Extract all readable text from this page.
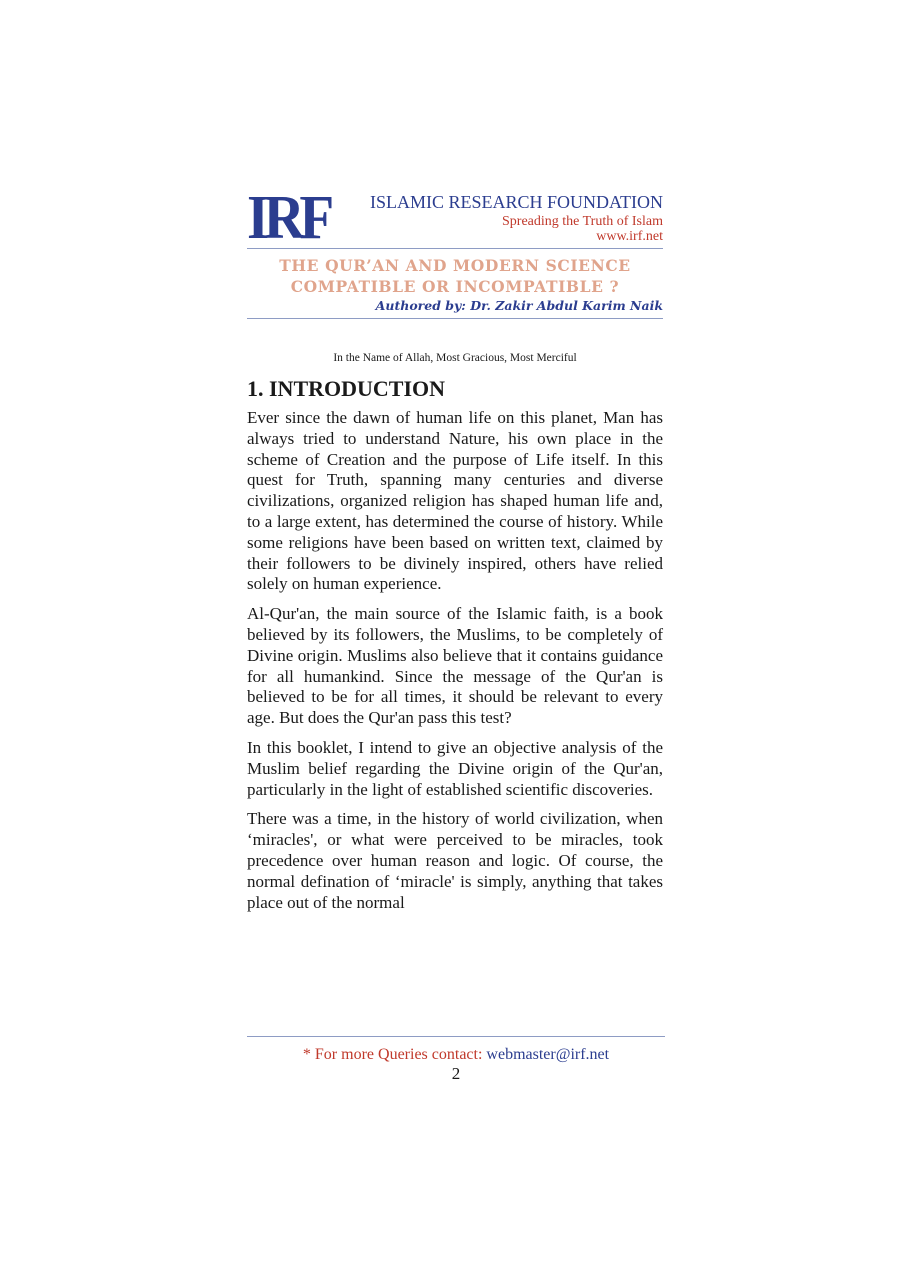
IRF ISLAMIC RESEARCH FOUNDATION
Spreading the Truth of Islam
www.irf.net
THE QUR’AN AND MODERN SCIENCE
COMPATIBLE OR INCOMPATIBLE ?
Authored by: Dr. Zakir Abdul Karim Naik
In the Name of Allah, Most Gracious, Most Merciful
1. INTRODUCTION

Ever since the dawn of human life on this planet, Man has always tried to understand Nature, his own place in the scheme of Creation and the purpose of Life itself. In this quest for Truth, spanning many centuries and diverse civilizations, organized religion has shaped human life and, to a large extent, has determined the course of history. While some religions have been based on written text, claimed by their followers to be divinely inspired, others have relied solely on human experience.

Al-Qur'an, the main source of the Islamic faith, is a book believed by its followers, the Muslims, to be completely of Divine origin. Muslims also believe that it contains guidance for all humankind. Since the message of the Qur'an is believed to be for all times, it should be relevant to every age. But does the Qur'an pass this test?

In this booklet, I intend to give an objective analysis of the Muslim belief regarding the Divine origin of the Qur'an, particularly in the light of established scientific discoveries.

There was a time, in the history of world civilization, when ‘miracles', or what were perceived to be miracles, took precedence over human reason and logic. Of course, the normal defination of ‘miracle' is simply, anything that takes place out of the normal

* For more Queries contact: webmaster@irf.net
2
